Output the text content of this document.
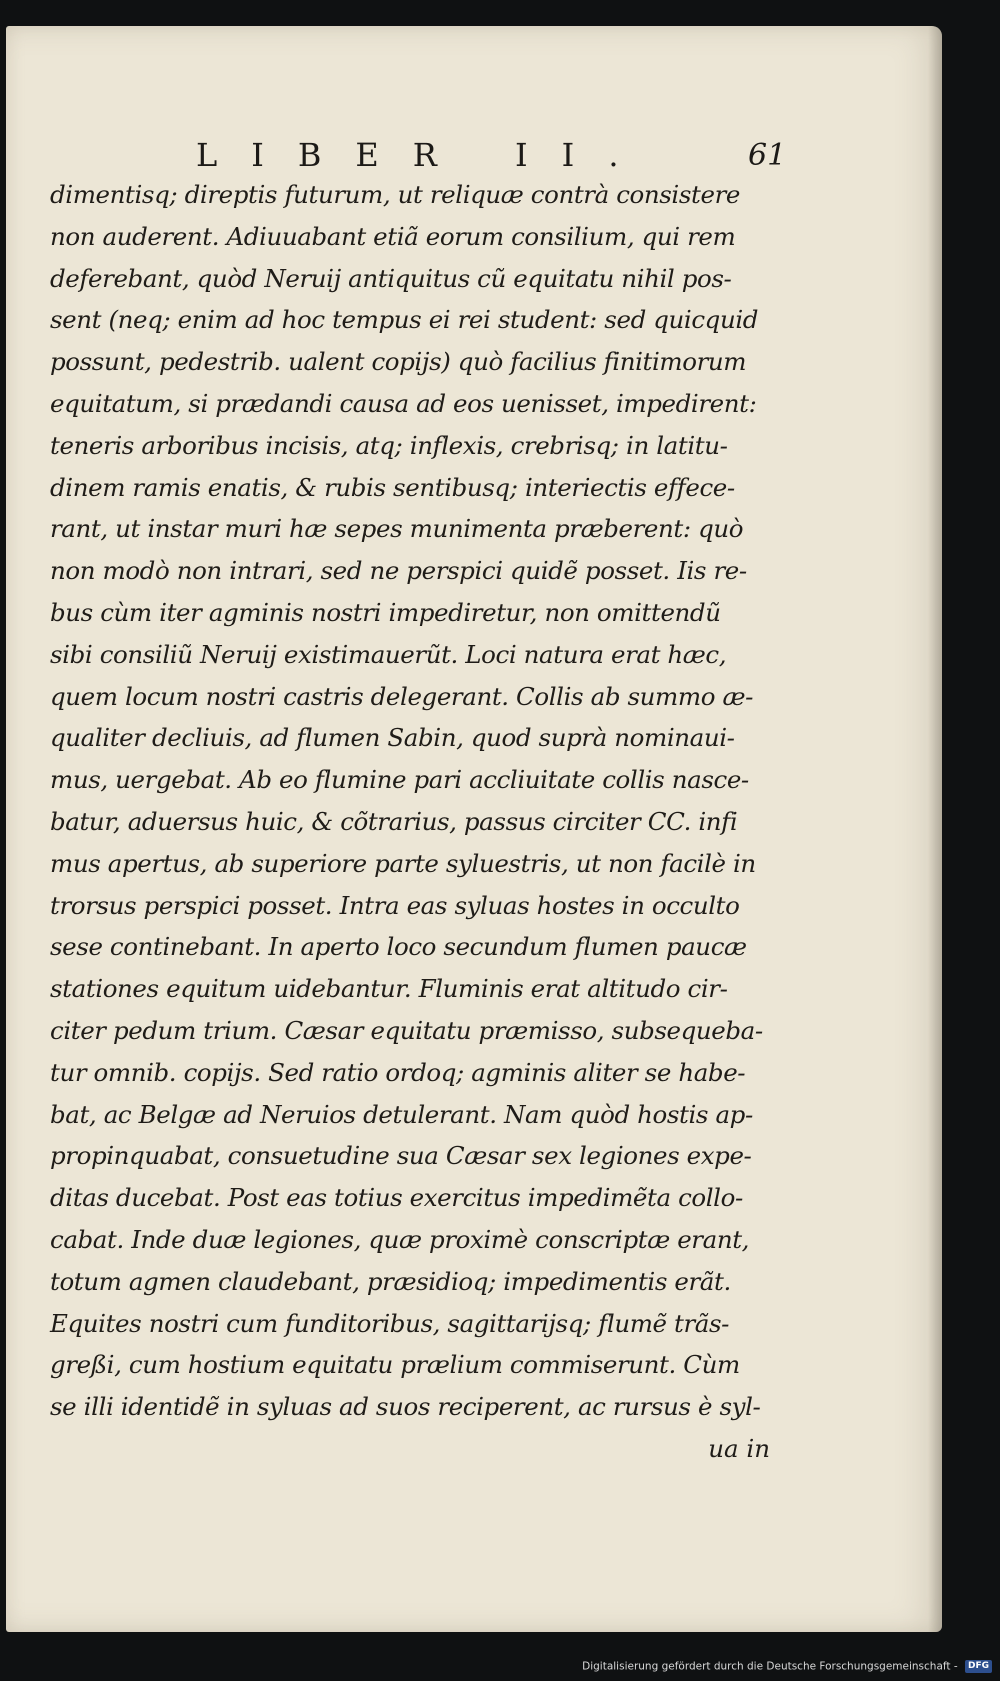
LIBER II.	61
dimentisq; direptis futurum, ut reliquæ contrà consistere
non auderent. Adiuuabant etiã eorum consilium, qui rem
deferebant, quòd Neruij antiquitus cũ equitatu nihil pos-
sent (neq; enim ad hoc tempus ei rei student: sed quicquid
possunt, pedestrib. ualent copijs) quò facilius finitimorum
equitatum, si prædandi causa ad eos uenisset, impedirent:
teneris arboribus incisis, atq; inflexis, crebrisq; in latitu-
dinem ramis enatis, & rubis sentibusq; interiectis effece-
rant, ut instar muri hæ sepes munimenta præberent: quò
non modò non intrari, sed ne perspici quidẽ posset. Iis re-
bus cùm iter agminis nostri impediretur, non omittendũ
sibi consiliũ Neruij existimauerũt. Loci natura erat hæc,
quem locum nostri castris delegerant. Collis ab summo æ-
qualiter decliuis, ad flumen Sabin, quod suprà nominaui-
mus, uergebat. Ab eo flumine pari accliuitate collis nasce-
batur, aduersus huic, & cõtrarius, passus circiter CC. infi
mus apertus, ab superiore parte syluestris, ut non facilè in
trorsus perspici posset. Intra eas syluas hostes in occulto
sese continebant. In aperto loco secundum flumen paucæ
stationes equitum uidebantur. Fluminis erat altitudo cir-
citer pedum trium. Cæsar equitatu præmisso, subsequeba-
tur omnib. copijs. Sed ratio ordoq; agminis aliter se habe-
bat, ac Belgæ ad Neruios detulerant. Nam quòd hostis ap-
propinquabat, consuetudine sua Cæsar sex legiones expe-
ditas ducebat. Post eas totius exercitus impedimẽta collo-
cabat. Inde duæ legiones, quæ proximè conscriptæ erant,
totum agmen claudebant, præsidioq; impedimentis erãt.
Equites nostri cum funditoribus, sagittarijsq; flumẽ trãs-
greßi, cum hostium equitatu prælium commiserunt. Cùm
se illi identidẽ in syluas ad suos reciperent, ac rursus è syl-
ua in
Digitalisierung gefördert durch die Deutsche Forschungsgemeinschaft - DFG
